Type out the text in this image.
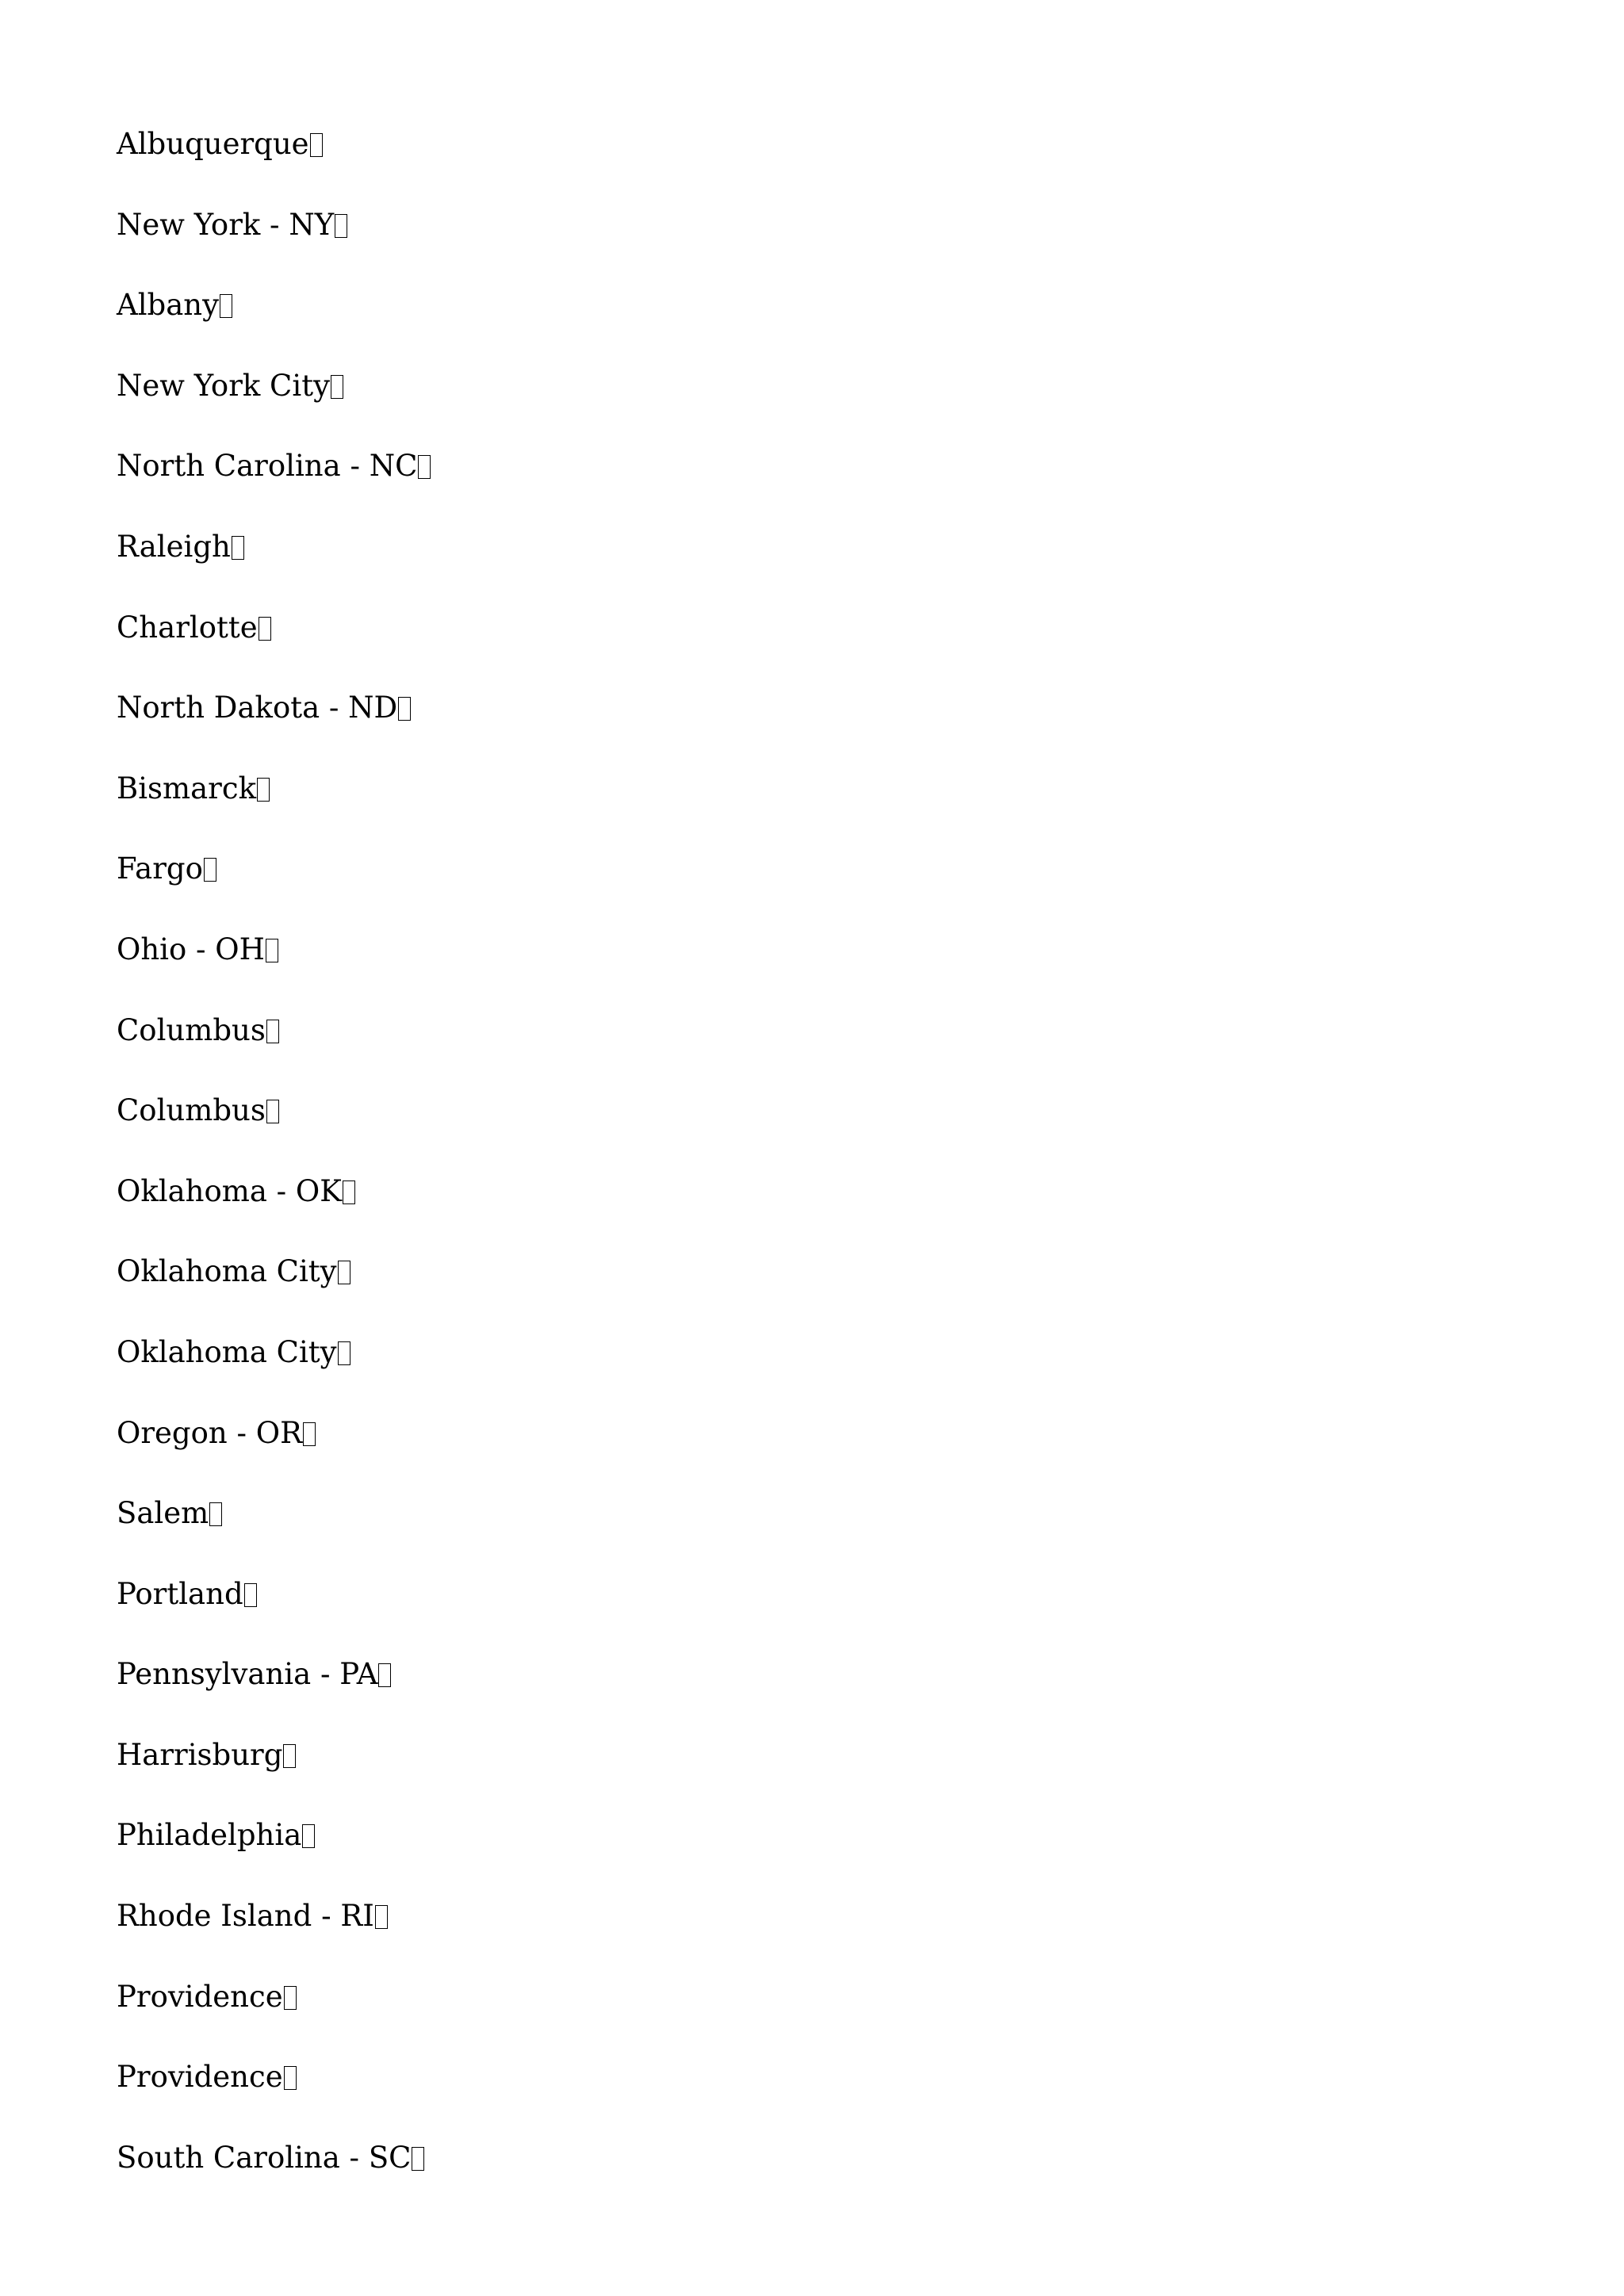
Albuquerque
New York - NY
Albany
New York City
North Carolina - NC
Raleigh
Charlotte
North Dakota - ND
Bismarck
Fargo
Ohio - OH
Columbus
Columbus
Oklahoma - OK
Oklahoma City
Oklahoma City
Oregon - OR
Salem
Portland
Pennsylvania - PA
Harrisburg
Philadelphia
Rhode Island - RI
Providence
Providence
South Carolina - SC
